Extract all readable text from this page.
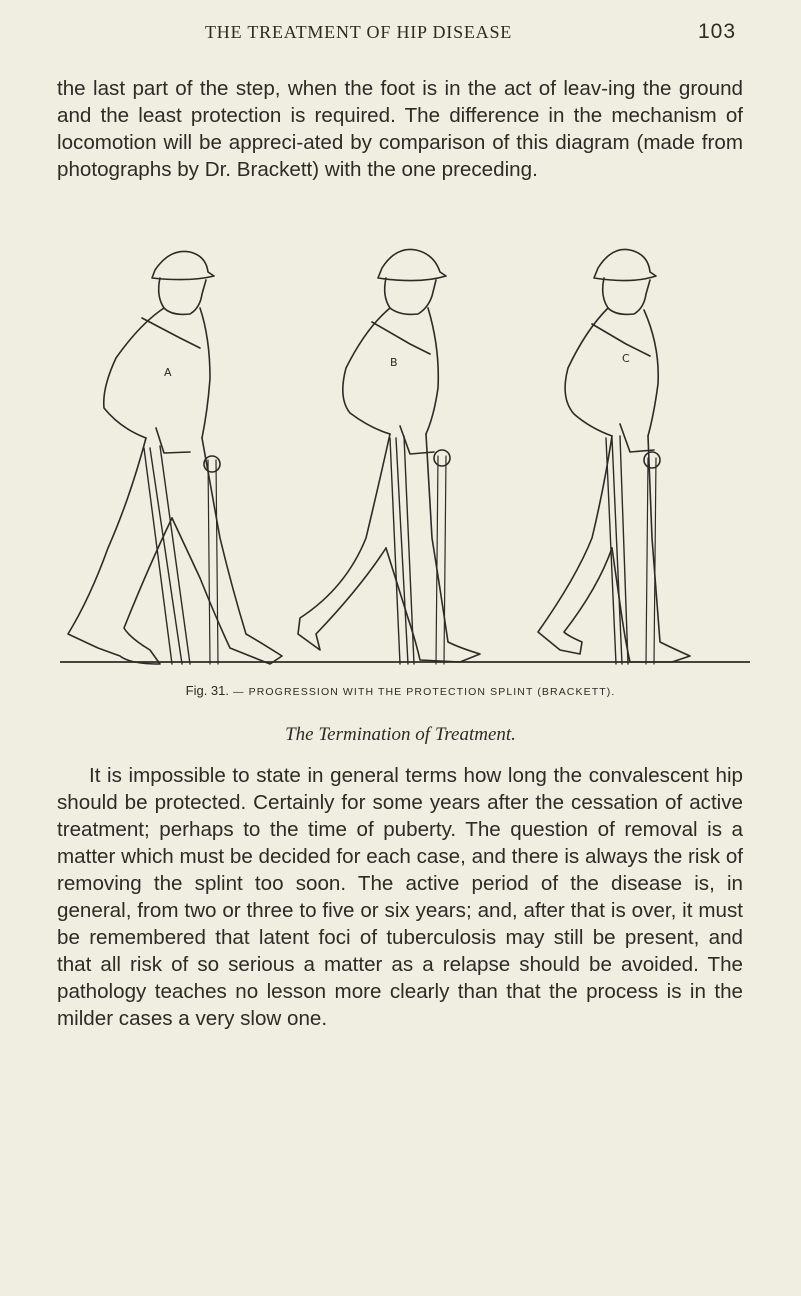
THE TREATMENT OF HIP DISEASE	103

the last part of the step, when the foot is in the act of leav-ing the ground and the least protection is required. The difference in the mechanism of locomotion will be appreci-ated by comparison of this diagram (made from photographs by Dr. Brackett) with the one preceding.

A
B	C
Fig. 31. — PROGRESSION WITH THE PROTECTION SPLINT (BRACKETT).
The Termination of Treatment.

It is impossible to state in general terms how long the convalescent hip should be protected. Certainly for some years after the cessation of active treatment; perhaps to the time of puberty. The question of removal is a matter which must be decided for each case, and there is always the risk of removing the splint too soon. The active period of the disease is, in general, from two or three to five or six years; and, after that is over, it must be remembered that latent foci of tuberculosis may still be present, and that all risk of so serious a matter as a relapse should be avoided. The pathology teaches no lesson more clearly than that the process is in the milder cases a very slow one.
